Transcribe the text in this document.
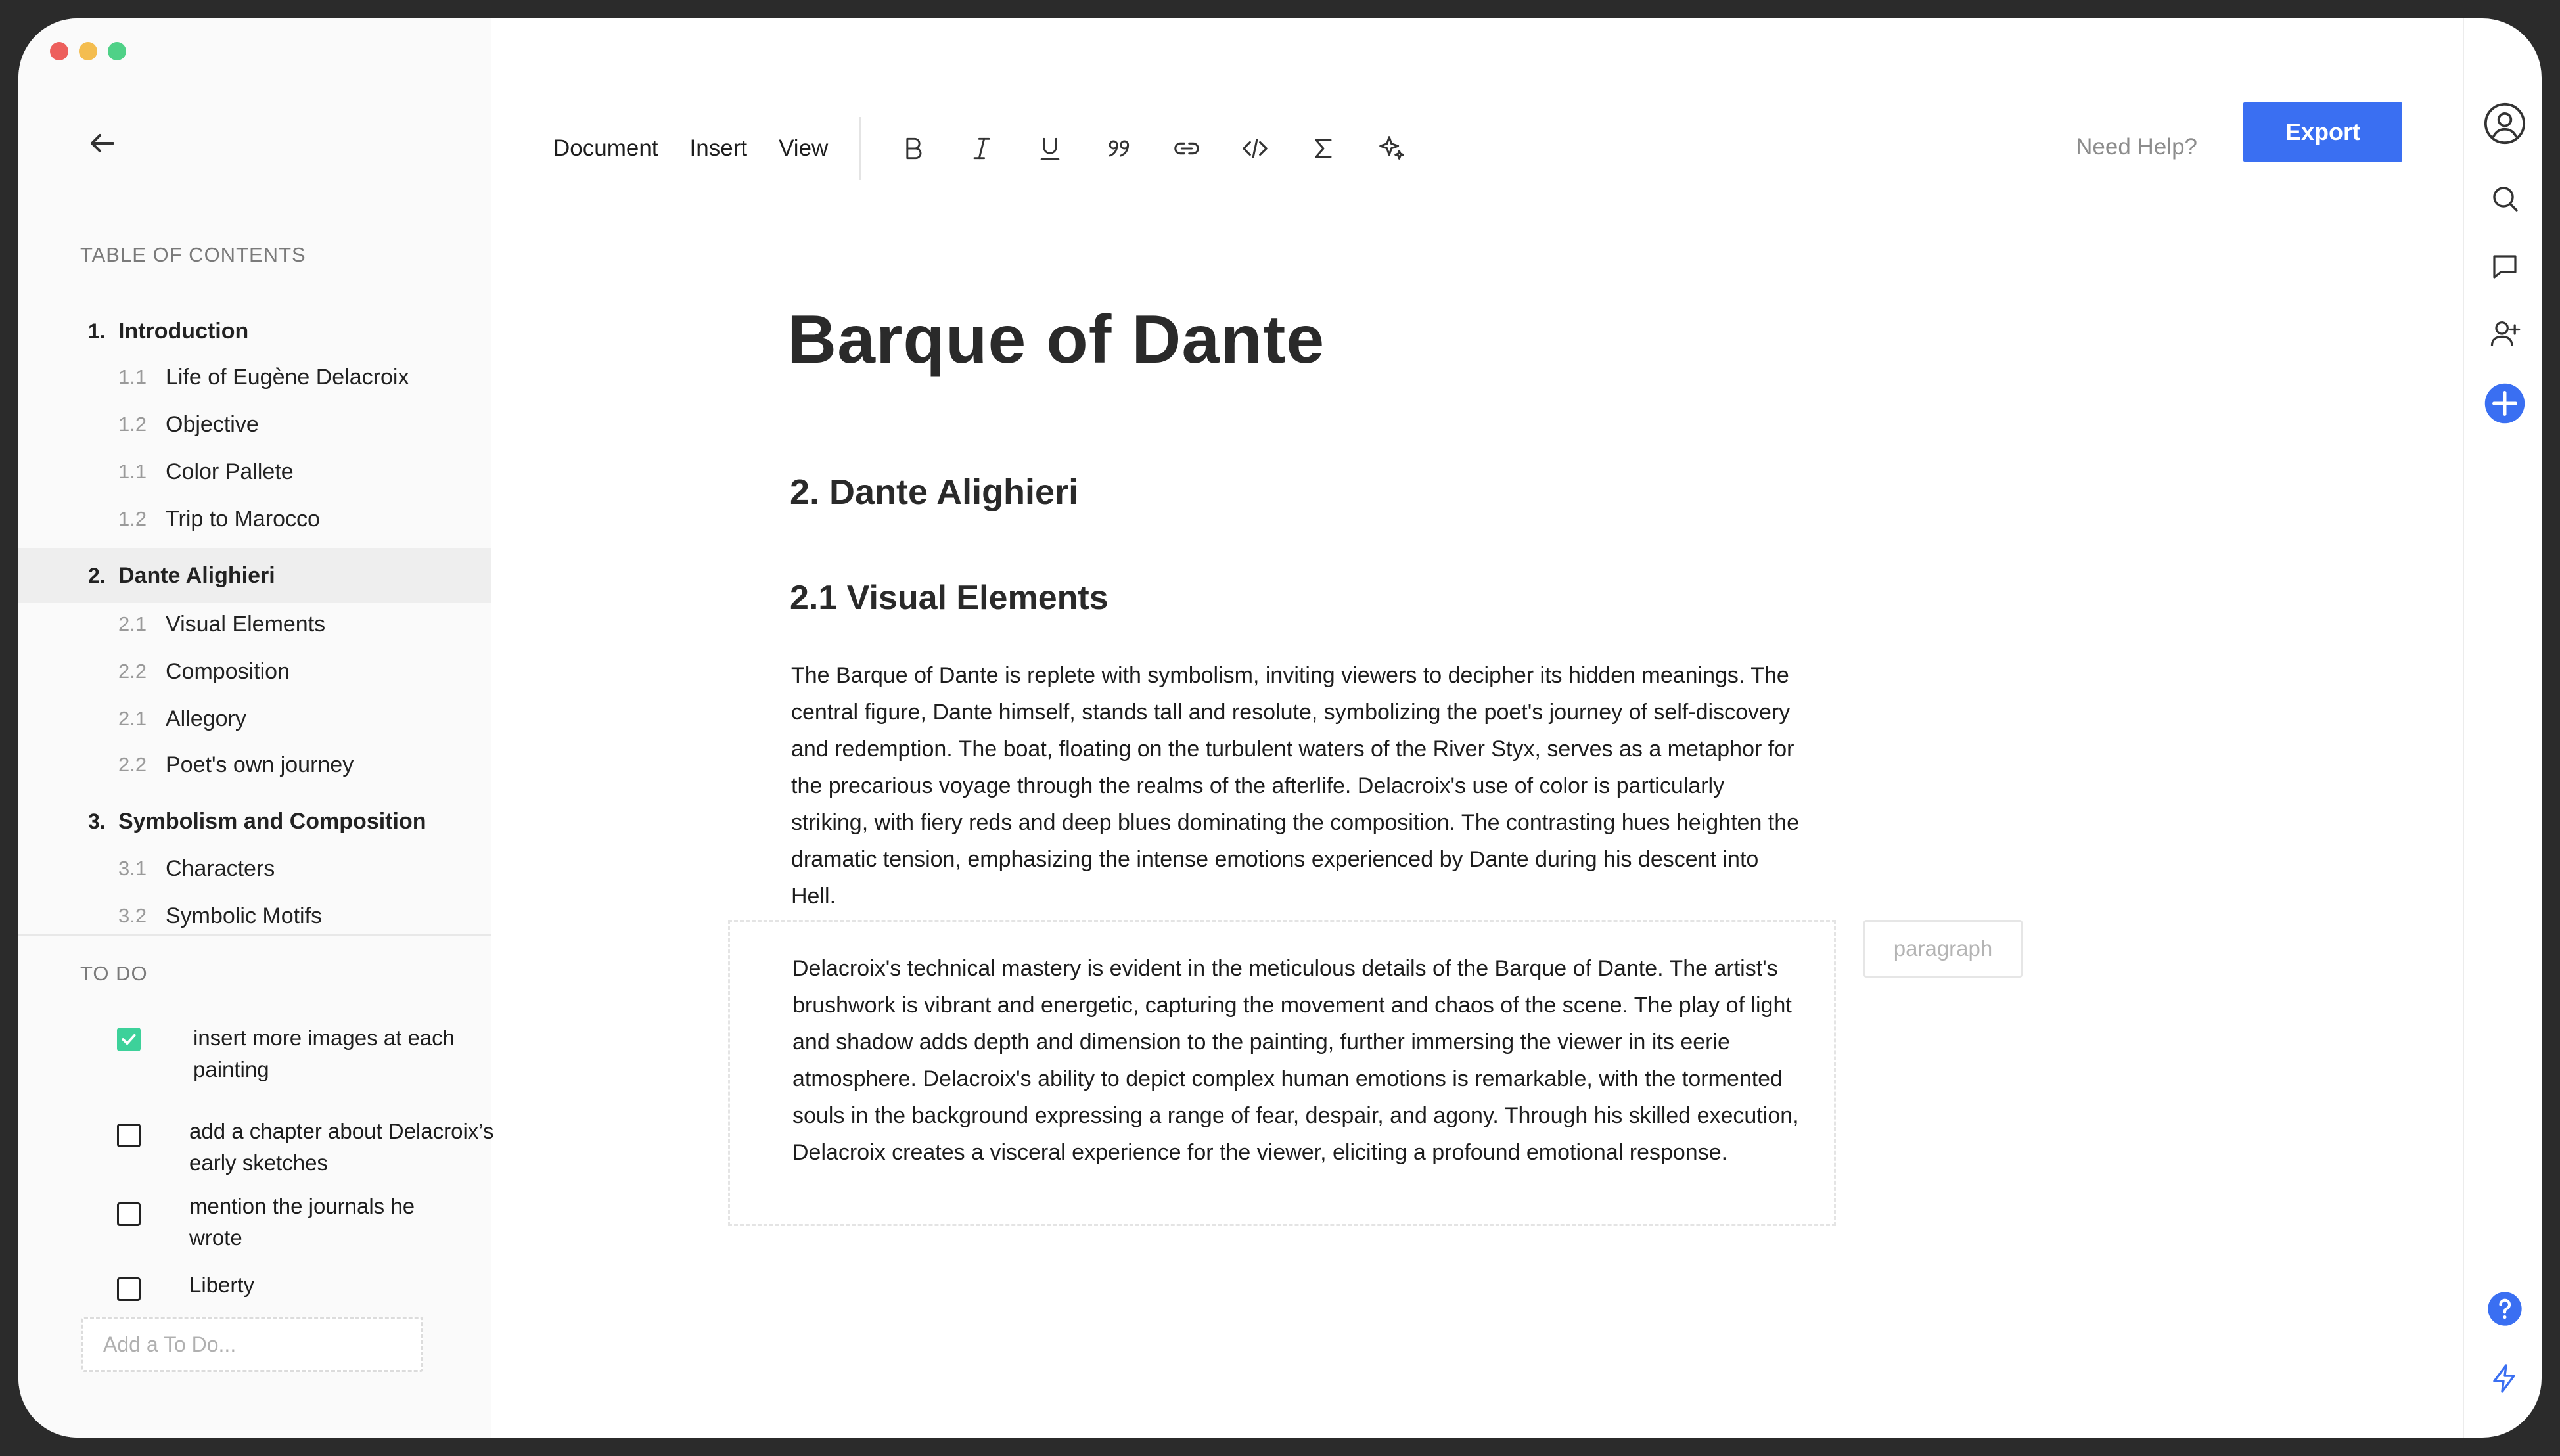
TABLE OF CONTENTS
1. Introduction
1.1 Life of Eugène Delacroix
1.2 Objective
1.1 Color Pallete
1.2 Trip to Marocco
2. Dante Alighieri
2.1 Visual Elements
2.2 Composition
2.1 Allegory
2.2 Poet's own journey
3. Symbolism and Composition
3.1 Characters
3.2 Symbolic Motifs
TO DO
insert more images at each painting
add a chapter about Delacroix’s early sketches
mention the journals he wrote
Liberty
Add a To Do...
Document Insert View	Need Help?
Export
Barque of Dante
2. Dante Alighieri
2.1 Visual Elements
The Barque of Dante is replete with symbolism, inviting viewers to decipher its hidden meanings. The central figure, Dante himself, stands tall and resolute, symbolizing the poet's journey of self-discovery and redemption. The boat, floating on the turbulent waters of the River Styx, serves as a metaphor for the precarious voyage through the realms of the afterlife. Delacroix's use of color is particularly striking, with fiery reds and deep blues dominating the composition. The contrasting hues heighten the dramatic tension, emphasizing the intense emotions experienced by Dante during his descent into Hell.
Delacroix's technical mastery is evident in the meticulous details of the Barque of Dante. The artist's brushwork is vibrant and energetic, capturing the movement and chaos of the scene. The play of light and shadow adds depth and dimension to the painting, further immersing the viewer in its eerie atmosphere. Delacroix's ability to depict complex human emotions is remarkable, with the tormented souls in the background expressing a range of fear, despair, and agony. Through his skilled execution, Delacroix creates a visceral experience for the viewer, eliciting a profound emotional response.
paragraph
